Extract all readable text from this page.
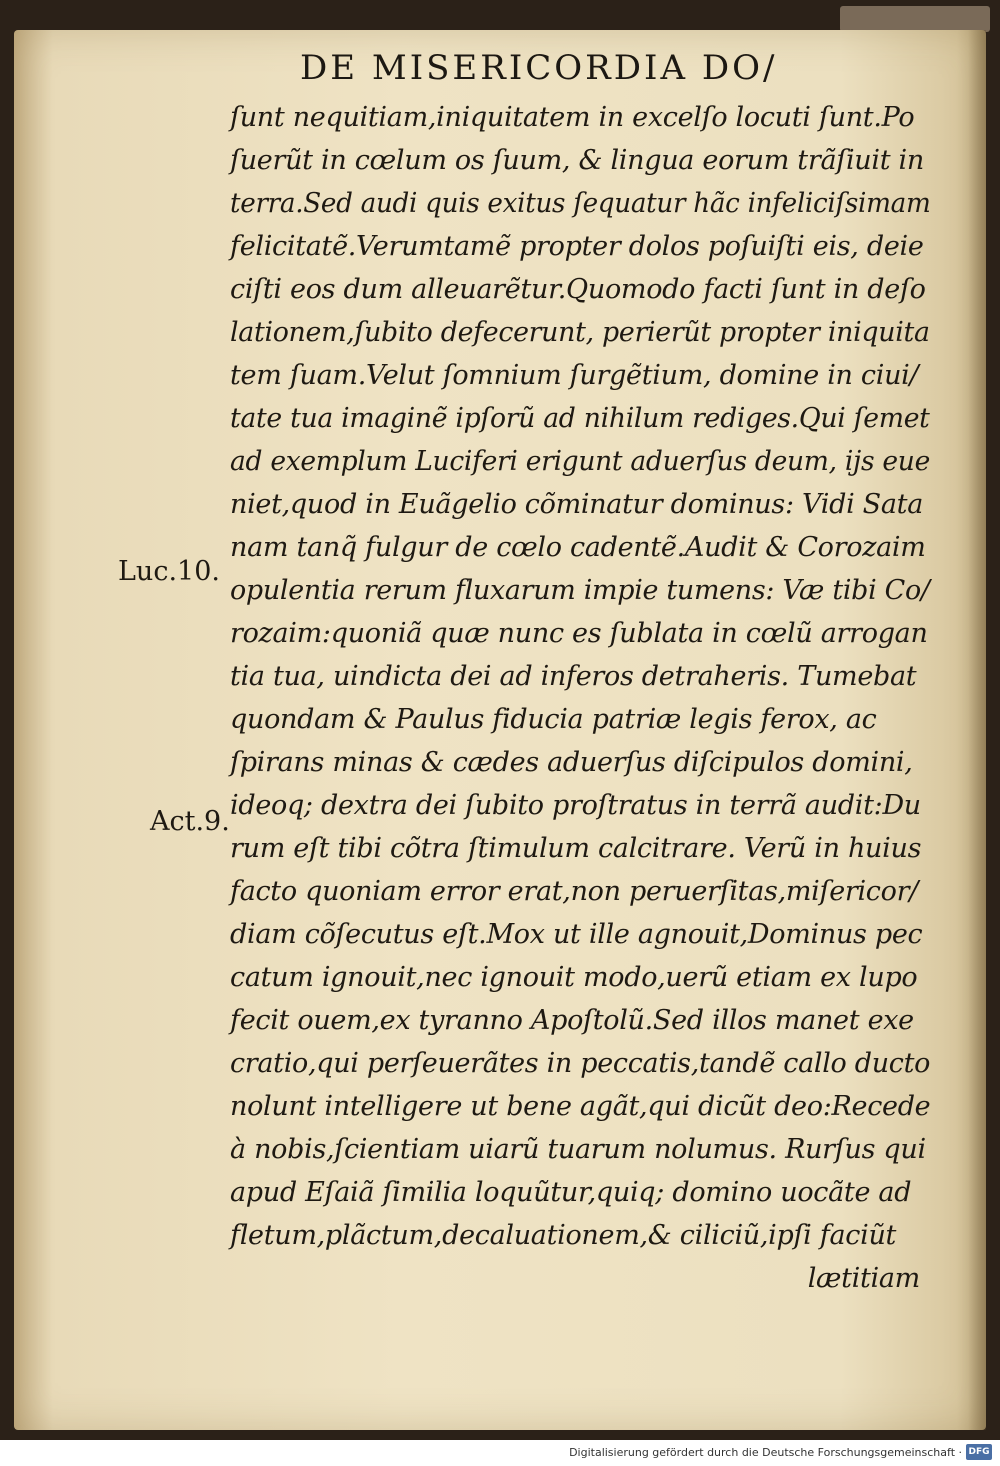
DE MISERICORDIA DO/
Luc.10.
Act.9.
ſunt nequitiam,iniquitatem in excelſo locuti ſunt.Po
ſuerũt in cœlum os ſuum, & lingua eorum trãſiuit in
terra.Sed audi quis exitus ſequatur hãc infeliciſsimam
felicitatẽ.Verumtamẽ propter dolos poſuiſti eis, deie
ciſti eos dum alleuarẽtur.Quomodo facti ſunt in deſo
lationem,ſubito defecerunt, perierũt propter iniquita
tem ſuam.Velut ſomnium ſurgẽtium, domine in ciui/
tate tua imaginẽ ipſorũ ad nihilum rediges.Qui ſemet
ad exemplum Luciferi erigunt aduerſus deum, ijs eue
niet,quod in Euãgelio cõminatur dominus: Vidi Sata
nam tanq̃ fulgur de cœlo cadentẽ.Audit & Corozaim
opulentia rerum fluxarum impie tumens: Væ tibi Co/
rozaim:quoniã quæ nunc es ſublata in cœlũ arrogan
tia tua, uindicta dei ad inferos detraheris. Tumebat
quondam & Paulus fiducia patriæ legis ferox, ac
ſpirans minas & cædes aduerſus diſcipulos domini,
ideoq; dextra dei ſubito proſtratus in terrã audit:Du
rum eſt tibi cõtra ſtimulum calcitrare. Verũ in huius
facto quoniam error erat,non peruerſitas,miſericor/
diam cõſecutus eſt.Mox ut ille agnouit,Dominus pec
catum ignouit,nec ignouit modo,uerũ etiam ex lupo
fecit ouem,ex tyranno Apoſtolũ.Sed illos manet exe
cratio,qui perſeuerãtes in peccatis,tandẽ callo ducto
nolunt intelligere ut bene agãt,qui dicũt deo:Recede
à nobis,ſcientiam uiarũ tuarum nolumus. Rurſus qui
apud Eſaiã ſimilia loquũtur,quiq; domino uocãte ad
fletum,plãctum,decaluationem,& ciliciũ,ipſi faciũt
lætitiam
Digitalisierung gefördert durch die Deutsche Forschungsgemeinschaft · DFG
